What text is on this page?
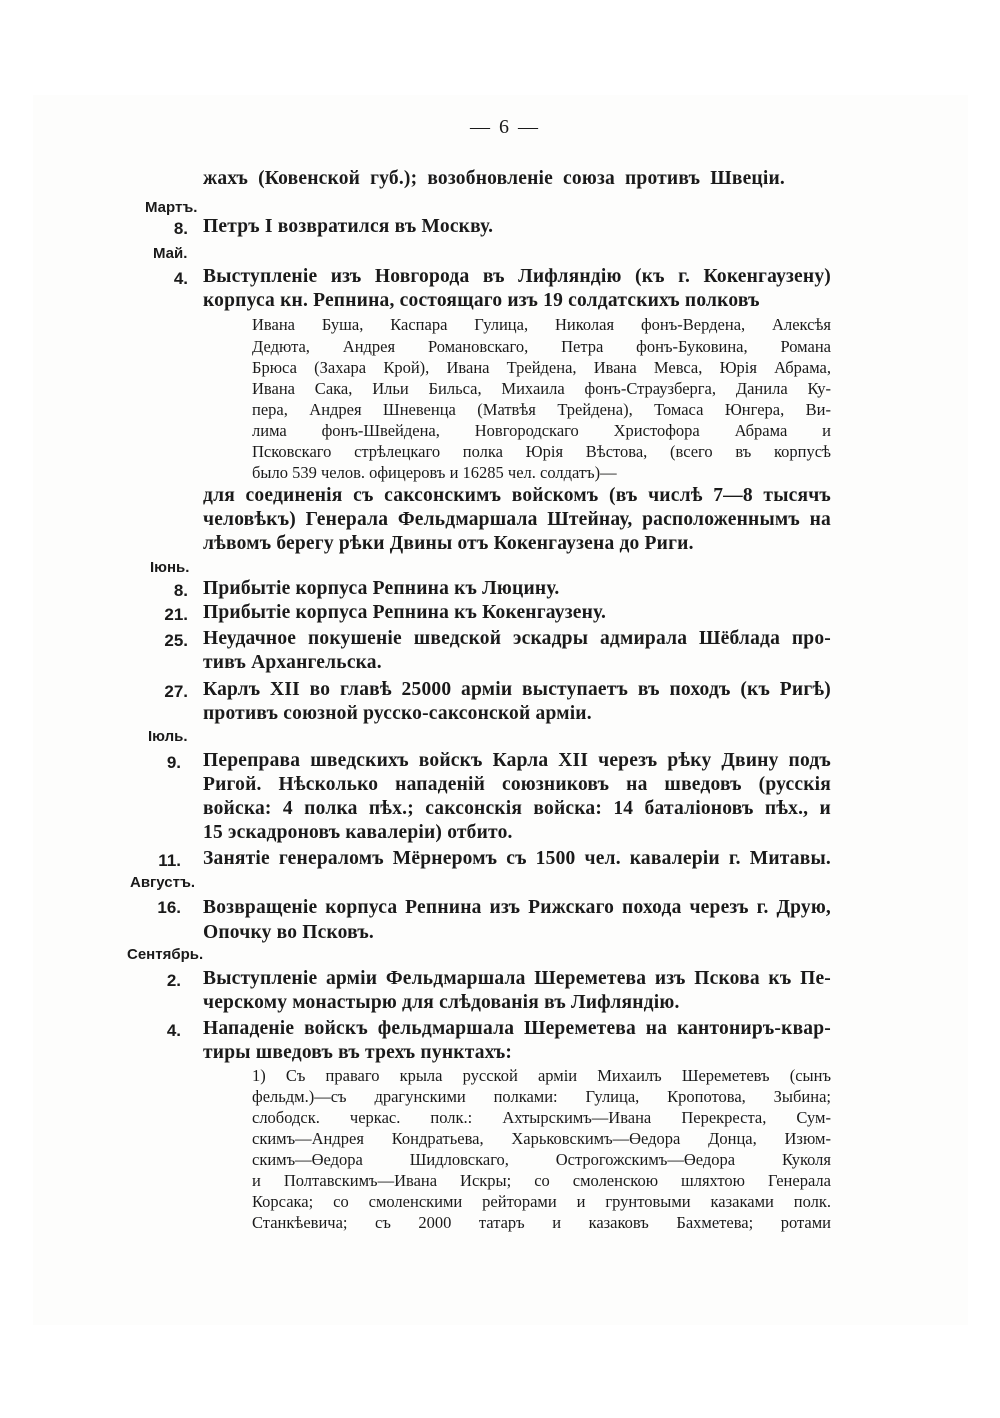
— 6 —
жахъ (Ковенской губ.); возобновленіе союза противъ Швеціи.
Мартъ.
8. Петръ I возвратился въ Москву.
Май.
4. Выступленіе изъ Новгорода въ Лифляндію (къ г. Кокенгаузену)
корпуса кн. Репнина, состоящаго изъ 19 солдатскихъ полковъ
Ивана Буша, Каспара Гулица, Николая фонъ-Вердена, Алексѣя
Дедюта, Андрея Романовскаго, Петра фонъ-Буковина, Романа
Брюса (Захара Крой), Ивана Трейдена, Ивана Мевса, Юрія Абрама,
Ивана Сака, Ильи Бильса, Михаила фонъ-Страузберга, Данила Ку-
пера, Андрея Шневенца (Матвѣя Трейдена), Томаса Юнгера, Ви-
лима фонъ-Швейдена, Новгородскаго Христофора Абрама и
Псковскаго стрѣлецкаго полка Юрія Вѣстова, (всего въ корпусѣ
было 539 челов. офицеровъ и 16285 чел. солдатъ)—
для соединенія съ саксонскимъ войскомъ (въ числѣ 7—8 тысячъ
человѣкъ) Генерала Фельдмаршала Штейнау, расположеннымъ на
лѣвомъ берегу рѣки Двины отъ Кокенгаузена до Риги.
Іюнь.
8. Прибытіе корпуса Репнина къ Люцину.
21. Прибытіе корпуса Репнина къ Кокенгаузену.
25. Неудачное покушеніе шведской эскадры адмирала Шёблада про-
тивъ Архангельска.
27. Карлъ XII во главѣ 25000 арміи выступаетъ въ походъ (къ Ригѣ)
противъ союзной русско-саксонской арміи.
Іюль.
9. Переправа шведскихъ войскъ Карла XII черезъ рѣку Двину подъ
Ригой. Нѣсколько нападеній союзниковъ на шведовъ (русскія
войска: 4 полка пѣх.; саксонскія войска: 14 баталіоновъ пѣх., и
15 эскадроновъ кавалеріи) отбито.
11. Занятіе генераломъ Мёрнеромъ съ 1500 чел. кавалеріи г. Митавы.
Августъ.
16. Возвращеніе корпуса Репнина изъ Рижскаго похода черезъ г. Друю,
Опочку во Псковъ.
Сентябрь.
2. Выступленіе арміи Фельдмаршала Шереметева изъ Пскова къ Пе-
черскому монастырю для слѣдованія въ Лифляндію.
4. Нападеніе войскъ фельдмаршала Шереметева на кантониръ-квар-
тиры шведовъ въ трехъ пунктахъ:
1) Съ праваго крыла русской арміи Михаилъ Шереметевъ (сынъ
фельдм.)—съ драгунскими полками: Гулица, Кропотова, Зыбина;
слободск. черкас. полк.: Ахтырскимъ—Ивана Перекреста, Сум-
скимъ—Андрея Кондратьева, Харьковскимъ—Өедора Донца, Изюм-
скимъ—Өедора Шидловскаго, Острогожскимъ—Өедора Куколя
и Полтавскимъ—Ивана Искры; со смоленскою шляхтою Генерала
Корсака; со смоленскими рейторами и грунтовыми казаками полк.
Станкѣевича; съ 2000 татаръ и казаковъ Бахметева; ротами
